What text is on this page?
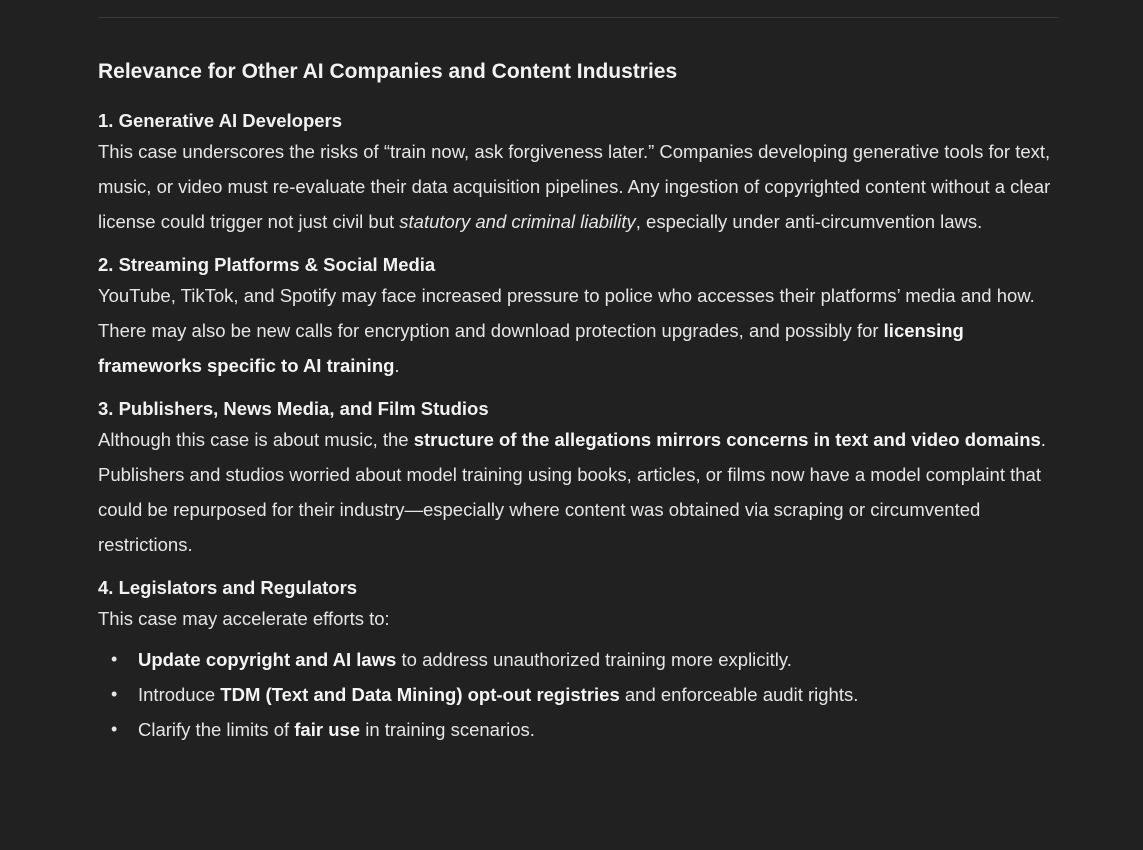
Relevance for Other AI Companies and Content Industries
1. Generative AI Developers

This case underscores the risks of “train now, ask forgiveness later.” Companies developing generative tools for text, music, or video must re-evaluate their data acquisition pipelines. Any ingestion of copyrighted content without a clear license could trigger not just civil but statutory and criminal liability, especially under anti-circumvention laws.

2. Streaming Platforms & Social Media

YouTube, TikTok, and Spotify may face increased pressure to police who accesses their platforms’ media and how. There may also be new calls for encryption and download protection upgrades, and possibly for licensing frameworks specific to AI training.

3. Publishers, News Media, and Film Studios

Although this case is about music, the structure of the allegations mirrors concerns in text and video domains. Publishers and studios worried about model training using books, articles, or films now have a model complaint that could be repurposed for their industry—especially where content was obtained via scraping or circumvented restrictions.

4. Legislators and Regulators

This case may accelerate efforts to:

• Update copyright and AI laws to address unauthorized training more explicitly.
• Introduce TDM (Text and Data Mining) opt-out registries and enforceable audit rights.
• Clarify the limits of fair use in training scenarios.
